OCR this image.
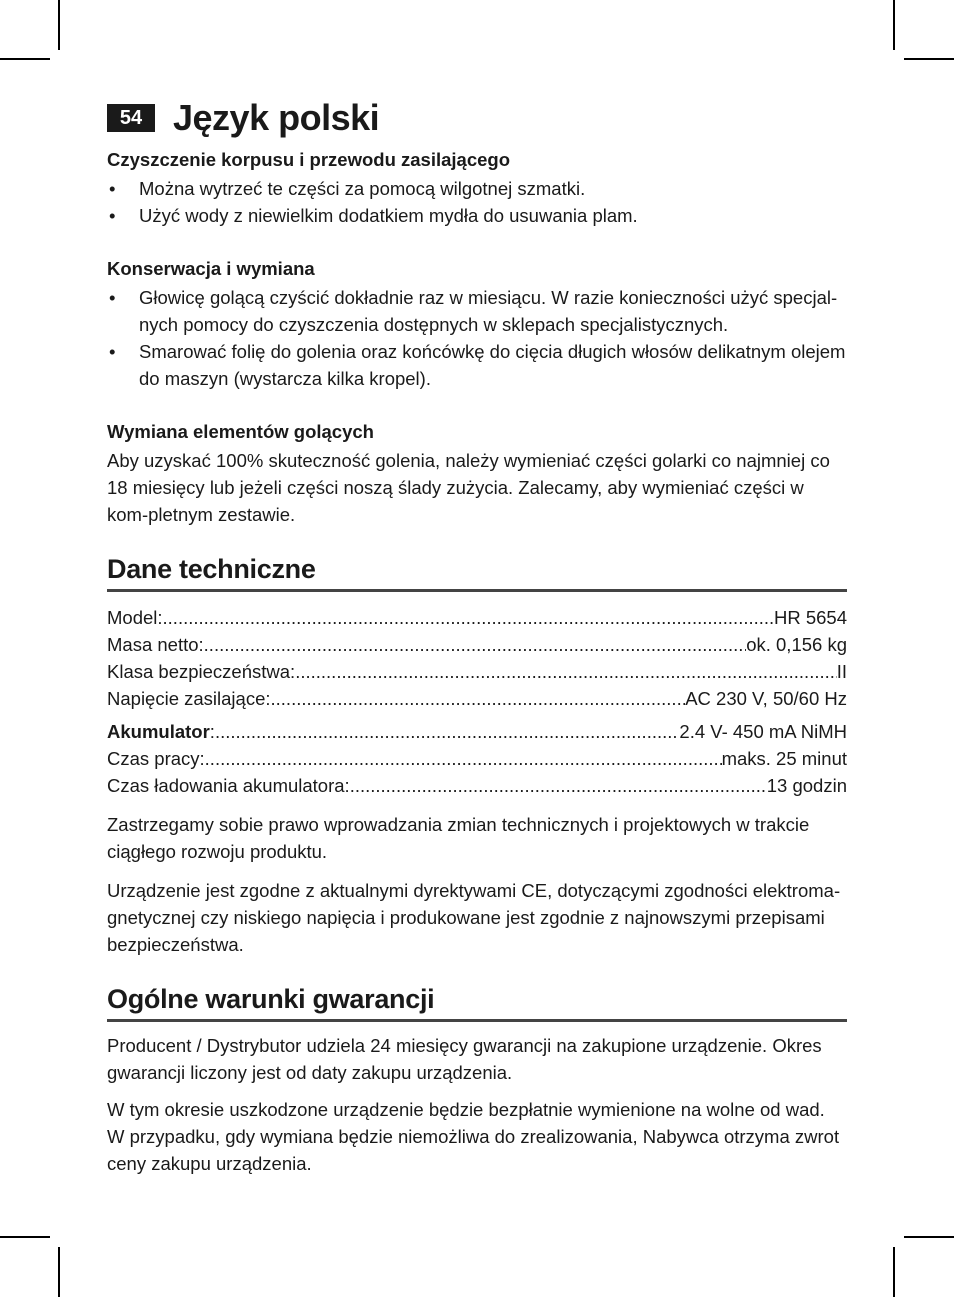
54 Język polski
Czyszczenie korpusu i przewodu zasilającego
• Można wytrzeć te części za pomocą wilgotnej szmatki.
• Użyć wody z niewielkim dodatkiem mydła do usuwania plam.
Konserwacja i wymiana
• Głowicę golącą czyścić dokładnie raz w miesiącu. W razie konieczności użyć specjal-nych pomocy do czyszczenia dostępnych w sklepach specjalistycznych.
• Smarować folię do golenia oraz końcówkę do cięcia długich włosów delikatnym olejem do maszyn (wystarcza kilka kropel).
Wymiana elementów golących

Aby uzyskać 100% skuteczność golenia, należy wymieniać części golarki co najmniej co 18 miesięcy lub jeżeli części noszą ślady zużycia. Zalecamy, aby wymieniać części w kom-pletnym zestawie.

Dane techniczne
Model: .....	HR 5654
Masa netto: .....	ok. 0,156 kg
Klasa bezpieczeństwa: .....	II
Napięcie zasilające: .....	AC 230 V, 50/60 Hz
Akumulator: .....	2.4 V- 450 mA NiMH
Czas pracy: .....	maks. 25 minut
Czas ładowania akumulatora: .....	13 godzin

Zastrzegamy sobie prawo wprowadzania zmian technicznych i projektowych w trakcie ciągłego rozwoju produktu.

Urządzenie jest zgodne z aktualnymi dyrektywami CE, dotyczącymi zgodności elektroma-gnetycznej czy niskiego napięcia i produkowane jest zgodnie z najnowszymi przepisami bezpieczeństwa.

Ogólne warunki gwarancji

Producent / Dystrybutor udziela 24 miesięcy gwarancji na zakupione urządzenie. Okres gwarancji liczony jest od daty zakupu urządzenia.

W tym okresie uszkodzone urządzenie będzie bezpłatnie wymienione na wolne od wad. W przypadku, gdy wymiana będzie niemożliwa do zrealizowania, Nabywca otrzyma zwrot ceny zakupu urządzenia.
